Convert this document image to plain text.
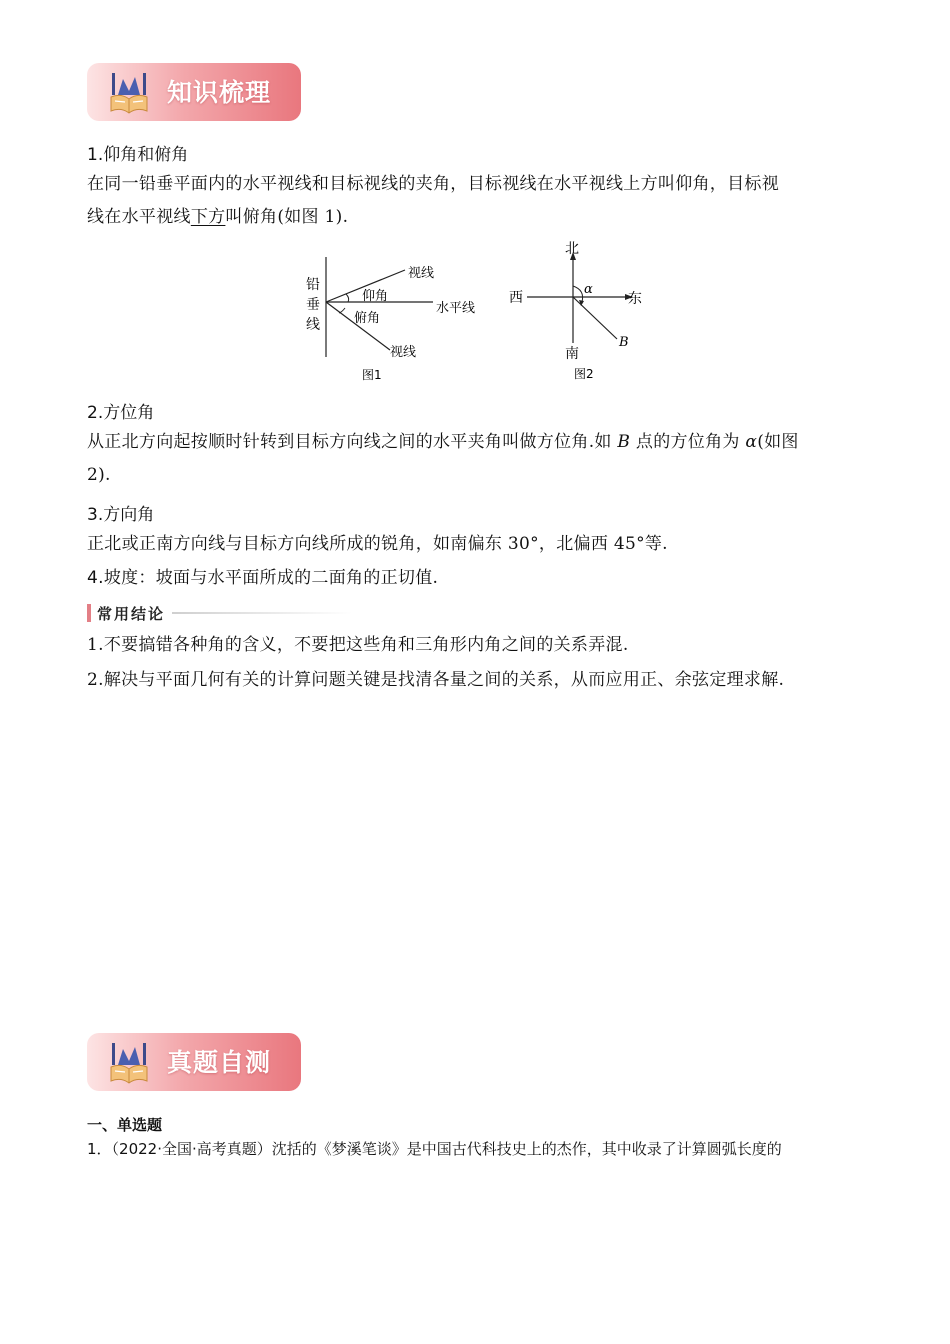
知识梳理
1.仰角和俯角
在同一铅垂平面内的水平视线和目标视线的夹角，目标视线在水平视线上方叫仰角，目标视
线在水平视线下方叫俯角(如图 1).
铅
垂
线
视线
仰角
水平线
俯角
视线
图1
北
南
西	东
α
B
图2
2.方位角
从正北方向起按顺时针转到目标方向线之间的水平夹角叫做方位角.如 B 点的方位角为 α(如图
2).
3.方向角
正北或正南方向线与目标方向线所成的锐角，如南偏东 30°，北偏西 45°等.
4.坡度：坡面与水平面所成的二面角的正切值.
常用结论
1.不要搞错各种角的含义，不要把这些角和三角形内角之间的关系弄混.
2.解决与平面几何有关的计算问题关键是找清各量之间的关系，从而应用正、余弦定理求解.
真题自测
一、单选题
1．（2022·全国·高考真题）沈括的《梦溪笔谈》是中国古代科技史上的杰作，其中收录了计算圆弧长度的
